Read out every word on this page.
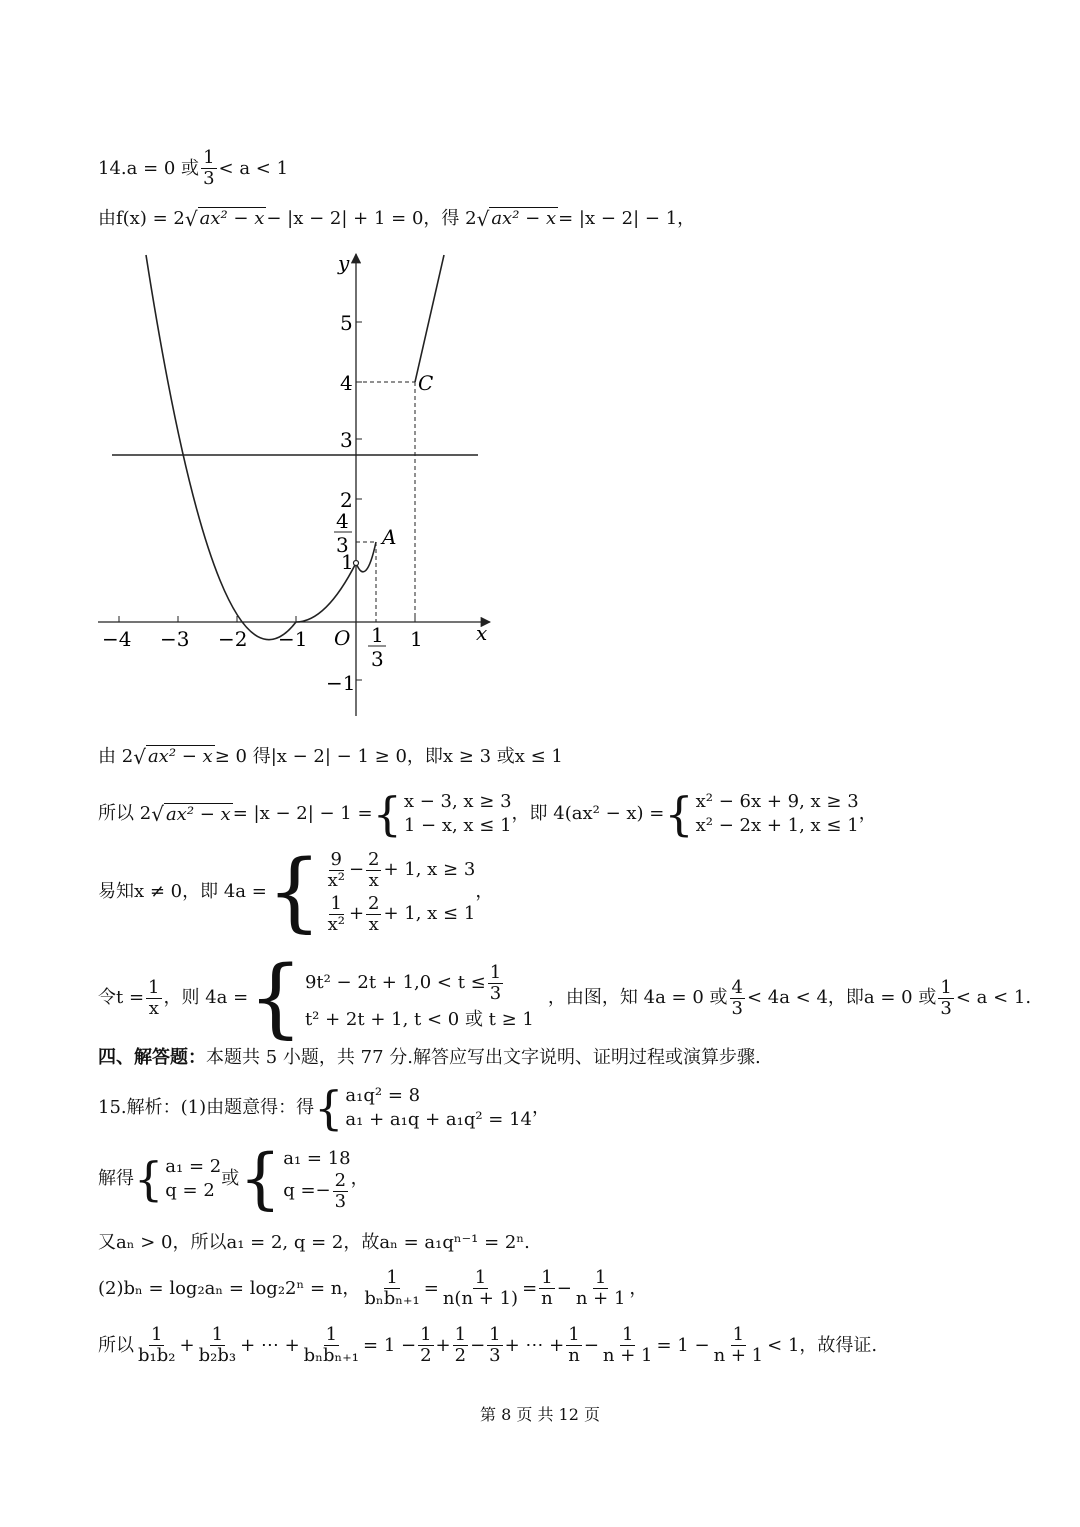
14.a = 0 或 $\frac{1}{3} < a < 1$
由f(x) = 2 √ ax² − x − |x − 2| + 1 = 0，得 2 √ ax² − x = |x − 2| − 1，
y
x
O
−4 −3 −2 −1	1
1
3
5
4
3
2
1
−1
4
3
C
A
由 2 √ ax² − x ≥ 0 得|x − 2| − 1 ≥ 0，即x ≥ 3 或x ≤ 1
所以 2 √ ax² − x = |x − 2| − 1 = { x − 3, x ≥ 3
1 − x, x ≤ 1
，即 4(ax² − x) = { x² − 6x + 9, x ≥ 3
x² − 2x + 1, x ≤ 1
，
易知x ≠ 0，即 4a = { $\frac{9}{\text{x²}} - \frac{2}{x} + 1$, x ≥ 3
$\frac{1}{\text{x²}} + \frac{2}{x} + 1$, x ≤ 1
，
令$t = \frac{1}{x}$ ，则 4a = { $9t^2 - 2t + 1,0 < t \le \frac{1}{3}$
t² + 2t + 1, t < 0 或 t ≥ 1
，由图，知 4a = 0 或 $\frac{4}{3} < 4a < 4$，即a = 0 或 $\frac{1}{3} < a < 1$.
四、解答题：本题共 5 小题，共 77 分.解答应写出文字说明、证明过程或演算步骤.
15.解析：(1)由题意得：得 { a₁q² = 8
a₁ + a₁q + a₁q² = 14
，
解得 { a₁ = 2
q = 2
或 { a₁ = 18
$q =- \frac{2}{3}$ ，
又aₙ > 0，所以a₁ = 2, q = 2，故aₙ = a₁qⁿ⁻¹ = 2ⁿ.
(2)bₙ = log₂aₙ = log₂2ⁿ = n， $\frac{1}{\text{bₙbₙ₊₁}} = \frac{1}{n(n + 1)} = \frac{1}{n} - \frac{1}{n + 1}$ ，
所以 $\frac{1}{\text{b₁b₂}} + \frac{1}{\text{b₂b₃}}$ + ⋯ + $\frac{1}{\text{bₙbₙ₊₁}} = 1 - \frac{1}{2} + \frac{1}{2} - \frac{1}{3}$ + ⋯ + $\frac{1}{n} - \frac{1}{n + 1} = 1 - \frac{1}{n + 1} < 1$，故得证.
第 8 页 共 12 页
